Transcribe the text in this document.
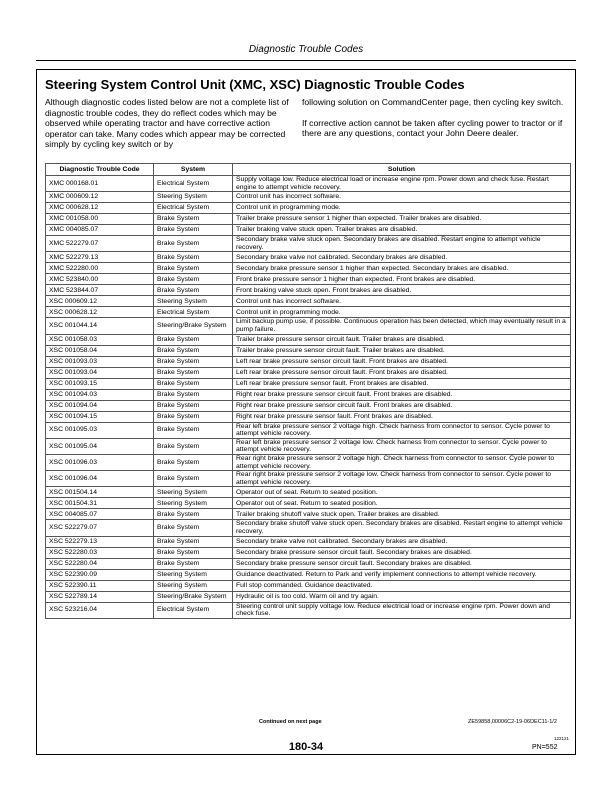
Diagnostic Trouble Codes
Steering System Control Unit (XMC, XSC) Diagnostic Trouble Codes

Although diagnostic codes listed below are not a complete list of diagnostic trouble codes, they do reflect codes which may be observed while operating tractor and have corrective action operator can take. Many codes which appear may be corrected simply by cycling key switch or by

following solution on CommandCenter page, then cycling key switch.

If corrective action cannot be taken after cycling power to tractor or if there are any questions, contact your John Deere dealer.

Diagnostic Trouble Code	System	Solution
XMC 000168.01	Electrical System	Supply voltage low. Reduce electrical load or increase engine rpm. Power down and check fuse. Restart engine to attempt vehicle recovery.
XMC 000609.12	Steering System	Control unit has incorrect software.
XMC 000628.12	Electrical System	Control unit in programming mode.
XMC 001058.00	Brake System	Trailer brake pressure sensor 1 higher than expected. Trailer brakes are disabled.
XMC 004085.07	Brake System	Trailer braking valve stuck open. Trailer brakes are disabled.
XMC 522279.07	Brake System	Secondary brake valve stuck open. Secondary brakes are disabled. Restart engine to attempt vehicle recovery.
XMC 522279.13	Brake System	Secondary brake valve not calibrated. Secondary brakes are disabled.
XMC 522280.00	Brake System	Secondary brake pressure sensor 1 higher than expected. Secondary brakes are disabled.
XMC 523840.00	Brake System	Front brake pressure sensor 1 higher than expected. Front brakes are disabled.
XMC 523844.07	Brake System	Front braking valve stuck open. Front brakes are disabled.
XSC 000609.12	Steering System	Control unit has incorrect software.
XSC 000628.12	Electrical System	Control unit in programming mode.
XSC 001044.14	Steering/Brake System	Limit backup pump use, if possible. Continuous operation has been detected, which may eventually result in a pump failure.
XSC 001058.03	Brake System	Trailer brake pressure sensor circuit fault. Trailer brakes are disabled.
XSC 001058.04	Brake System	Trailer brake pressure sensor circuit fault. Trailer brakes are disabled.
XSC 001093.03	Brake System	Left rear brake pressure sensor circuit fault. Front brakes are disabled.
XSC 001093.04	Brake System	Left rear brake pressure sensor circuit fault. Front brakes are disabled.
XSC 001093.15	Brake System	Left rear brake pressure sensor fault. Front brakes are disabled.
XSC 001094.03	Brake System	Right rear brake pressure sensor circuit fault. Front brakes are disabled.
XSC 001094.04	Brake System	Right rear brake pressure sensor circuit fault. Front brakes are disabled.
XSC 001094.15	Brake System	Right rear brake pressure sensor fault. Front brakes are disabled.
XSC 001095.03	Brake System	Rear left brake pressure sensor 2 voltage high. Check harness from connector to sensor. Cycle power to attempt vehicle recovery.
XSC 001095.04	Brake System	Rear left brake pressure sensor 2 voltage low. Check harness from connector to sensor. Cycle power to attempt vehicle recovery.
XSC 001096.03	Brake System	Rear right brake pressure sensor 2 voltage high. Check harness from connector to sensor. Cycle power to attempt vehicle recovery.
XSC 001096.04	Brake System	Rear right brake pressure sensor 2 voltage low. Check harness from connector to sensor. Cycle power to attempt vehicle recovery.
XSC 001504.14	Steering System	Operator out of seat. Return to seated position.
XSC 001504.31	Steering System	Operator out of seat. Return to seated position.
XSC 004085.07	Brake System	Trailer braking shutoff valve stuck open. Trailer brakes are disabled.
XSC 522279.07	Brake System	Secondary brake shutoff valve stuck open. Secondary brakes are disabled. Restart engine to attempt vehicle recovery.
XSC 522279.13	Brake System	Secondary brake valve not calibrated. Secondary brakes are disabled.
XSC 522280.03	Brake System	Secondary brake pressure sensor circuit fault. Secondary brakes are disabled.
XSC 522280.04	Brake System	Secondary brake pressure sensor circuit fault. Secondary brakes are disabled.
XSC 522390.09	Steering System	Guidance deactivated. Return to Park and verify implement connections to attempt vehicle recovery.
XSC 522390.11	Steering System	Full stop commanded. Guidance deactivated.
XSC 522789.14	Steering/Brake System	Hydraulic oil is too cold. Warm oil and try again.
XSC 523216.04	Electrical System	Steering control unit supply voltage low. Reduce electrical load or increase engine rpm. Power down and check fuse.
Continued on next page	ZE59858,00006C2-19-06DEC11-1/2
180-34
122121
PN=552
